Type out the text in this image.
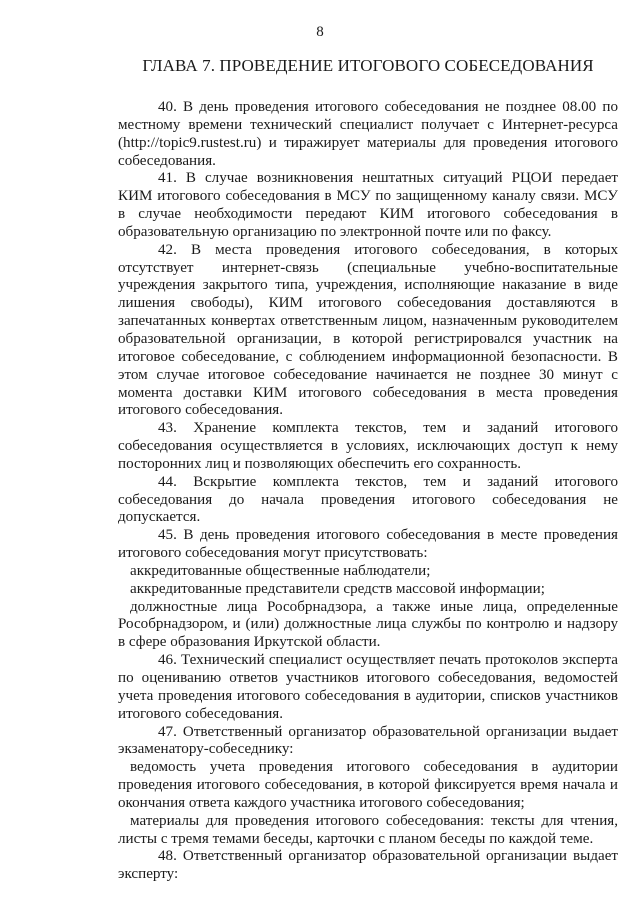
8
ГЛАВА 7. ПРОВЕДЕНИЕ ИТОГОВОГО СОБЕСЕДОВАНИЯ

40. В день проведения итогового собеседования не позднее 08.00 по местному времени технический специалист получает с Интернет-ресурса (http://topic9.rustest.ru) и тиражирует материалы для проведения итогового собеседования.

41. В случае возникновения нештатных ситуаций РЦОИ передает КИМ итогового собеседования в МСУ по защищенному каналу связи. МСУ в случае необходимости передают КИМ итогового собеседования в образовательную организацию по электронной почте или по факсу.

42. В места проведения итогового собеседования, в которых отсутствует интернет-связь (специальные учебно-воспитательные учреждения закрытого типа, учреждения, исполняющие наказание в виде лишения свободы), КИМ итогового собеседования доставляются в запечатанных конвертах ответственным лицом, назначенным руководителем образовательной организации, в которой регистрировался участник на итоговое собеседование, с соблюдением информационной безопасности. В этом случае итоговое собеседование начинается не позднее 30 минут с момента доставки КИМ итогового собеседования в места проведения итогового собеседования.

43. Хранение комплекта текстов, тем и заданий итогового собеседования осуществляется в условиях, исключающих доступ к нему посторонних лиц и позволяющих обеспечить его сохранность.

44. Вскрытие комплекта текстов, тем и заданий итогового собеседования до начала проведения итогового собеседования не допускается.

45. В день проведения итогового собеседования в месте проведения итогового собеседования могут присутствовать:

аккредитованные общественные наблюдатели;

аккредитованные представители средств массовой информации;

должностные лица Рособрнадзора, а также иные лица, определенные Рособрнадзором, и (или) должностные лица службы по контролю и надзору в сфере образования Иркутской области.

46. Технический специалист осуществляет печать протоколов эксперта по оцениванию ответов участников итогового собеседования, ведомостей учета проведения итогового собеседования в аудитории, списков участников итогового собеседования.

47. Ответственный организатор образовательной организации выдает экзаменатору-собеседнику:

ведомость учета проведения итогового собеседования в аудитории проведения итогового собеседования, в которой фиксируется время начала и окончания ответа каждого участника итогового собеседования;

материалы для проведения итогового собеседования: тексты для чтения, листы с тремя темами беседы, карточки с планом беседы по каждой теме.

48. Ответственный организатор образовательной организации выдает эксперту:
